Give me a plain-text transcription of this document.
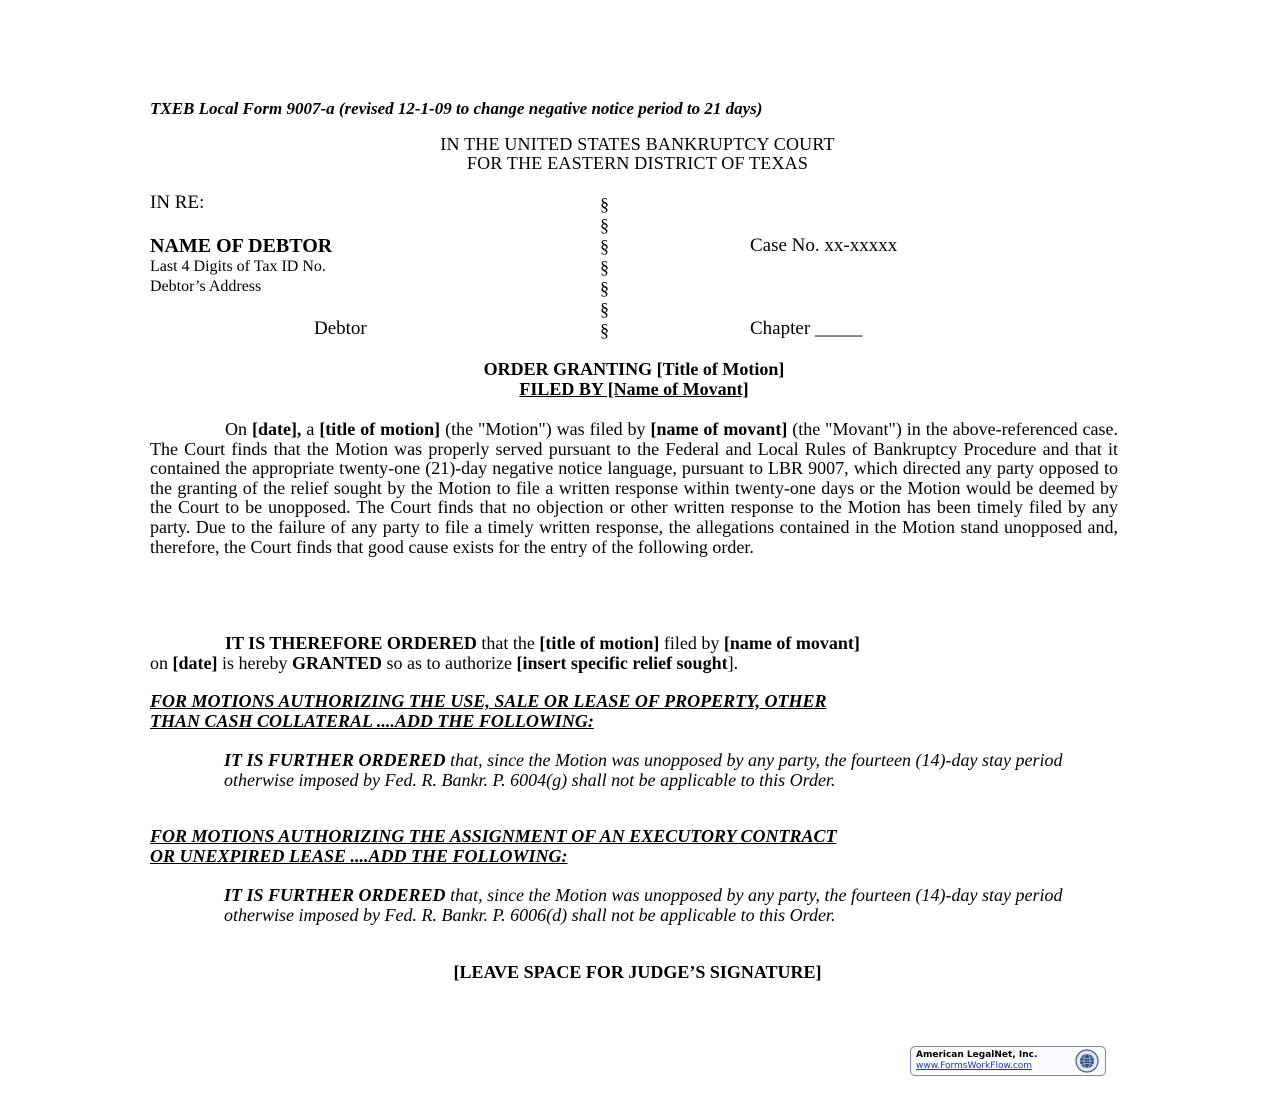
TXEB Local Form 9007-a (revised 12-1-09 to change negative notice period to 21 days)
IN THE UNITED STATES BANKRUPTCY COURT
FOR THE EASTERN DISTRICT OF TEXAS
IN RE:
NAME OF DEBTOR
Last 4 Digits of Tax ID No.
Debtor’s Address
Debtor
§
§
§
§
§
§
§
Case No. xx-xxxxx
Chapter _____
ORDER GRANTING [Title of Motion]
FILED BY [Name of Movant]
On [date], a [title of motion] (the "Motion") was filed by [name of movant] (the "Movant") in the above-referenced case. The Court finds that the Motion was properly served pursuant to the Federal and Local Rules of Bankruptcy Procedure and that it contained the appropriate twenty-one (21)-day negative notice language, pursuant to LBR 9007, which directed any party opposed to the granting of the relief sought by the Motion to file a written response within twenty-one days or the Motion would be deemed by the Court to be unopposed. The Court finds that no objection or other written response to the Motion has been timely filed by any party. Due to the failure of any party to file a timely written response, the allegations contained in the Motion stand unopposed and, therefore, the Court finds that good cause exists for the entry of the following order.
IT IS THEREFORE ORDERED that the [title of motion] filed by [name of movant]
on [date] is hereby GRANTED so as to authorize [insert specific relief sought].
FOR MOTIONS AUTHORIZING THE USE, SALE OR LEASE OF PROPERTY, OTHER
THAN CASH COLLATERAL ....ADD THE FOLLOWING:
IT IS FURTHER ORDERED that, since the Motion was unopposed by any party, the fourteen (14)-day stay period otherwise imposed by Fed. R. Bankr. P. 6004(g) shall not be applicable to this Order.
FOR MOTIONS AUTHORIZING THE ASSIGNMENT OF AN EXECUTORY CONTRACT
OR UNEXPIRED LEASE ....ADD THE FOLLOWING:
IT IS FURTHER ORDERED that, since the Motion was unopposed by any party, the fourteen (14)-day stay period otherwise imposed by Fed. R. Bankr. P. 6006(d) shall not be applicable to this Order.
[LEAVE SPACE FOR JUDGE’S SIGNATURE]
American LegalNet, Inc.
www.FormsWorkFlow.com
